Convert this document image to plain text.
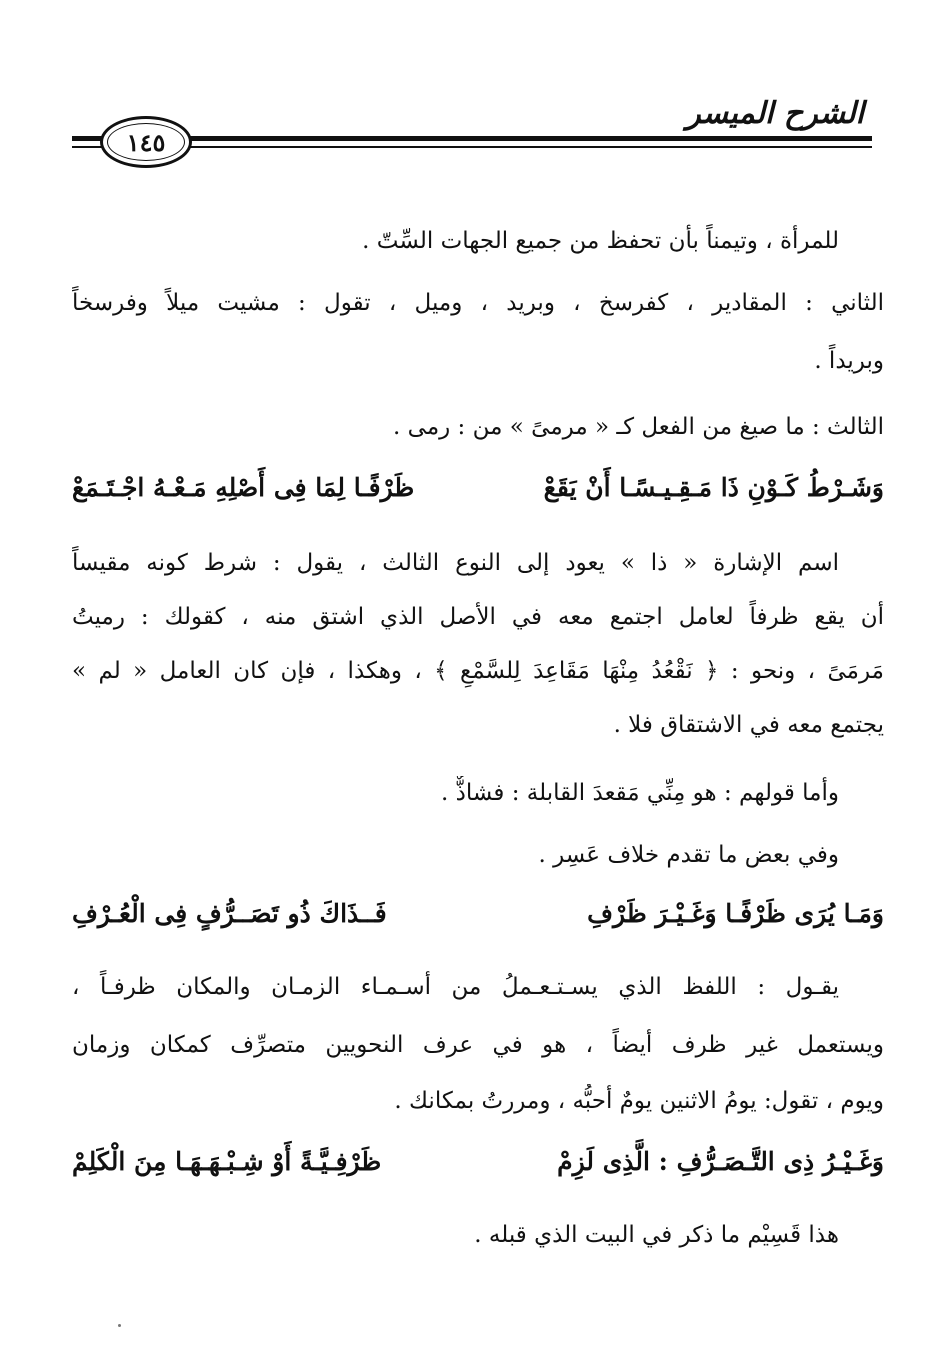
الشرح الميسر
١٤٥
للمرأة ، وتيمناً بأن تحفظ من جميع الجهات السِّتّ .
الثاني : المقادير ، كفرسخ ، وبريد ، وميل ، تقول : مشيت ميلاً وفرسخاً
وبريداً .
الثالث : ما صيغ من الفعل كـ « مرمىً » من : رمى .
وَشَـرْطُ كَـوْنِ ذَا مَـقِـيـسًـا أَنْ يَقَعْ
ظَرْفًـا لِمَا فِى أَصْلِهِ مَـعْـهُ اجْـتَـمَعْ
اسم الإشارة « ذا » يعود إلى النوع الثالث ، يقول : شرط كونه مقيساً
أن يقع ظرفاً لعامل اجتمع معه في الأصل الذي اشتق منه ، كقولك : رميتُ
مَرمَىً ، ونحو : ﴿ نَقْعُدُ مِنْهَا مَقَاعِدَ لِلسَّمْعِ ﴾ ، وهكذا ، فإن كان العامل « لم »
يجتمع معه في الاشتقاق فلا .
وأما قولهم : هو مِنِّي مَقعدَ القابلة : فشاذٌّ .
وفي بعض ما تقدم خلاف عَسِر .
وَمَـا يُرَى ظَرْفًـا وَغَـيْـرَ ظَرْفِ
فَــذَاكَ ذُو تَصَــرُّفٍ فِى الْعُـرْفِ
يقـول : اللفظ الذي يسـتـعـملُ من أسـمـاء الزمـان والمكان ظرفـاً ،
ويستعمل غير ظرف أيضاً ، هو في عرف النحويين متصرِّف كمكان وزمان
ويوم ، تقول: يومُ الاثنين يومٌ أحبُّه ، ومررتُ بمكانك .
وَغَـيْـرُ ذِى التَّـصَـرُّفِ : الَّذِى لَزِمْ
ظَرْفِـيَّـةً أَوْ شِـبْـهَـهَـا مِنَ الْكَلِمْ
هذا قَسِيْم ما ذكر في البيت الذي قبله .
